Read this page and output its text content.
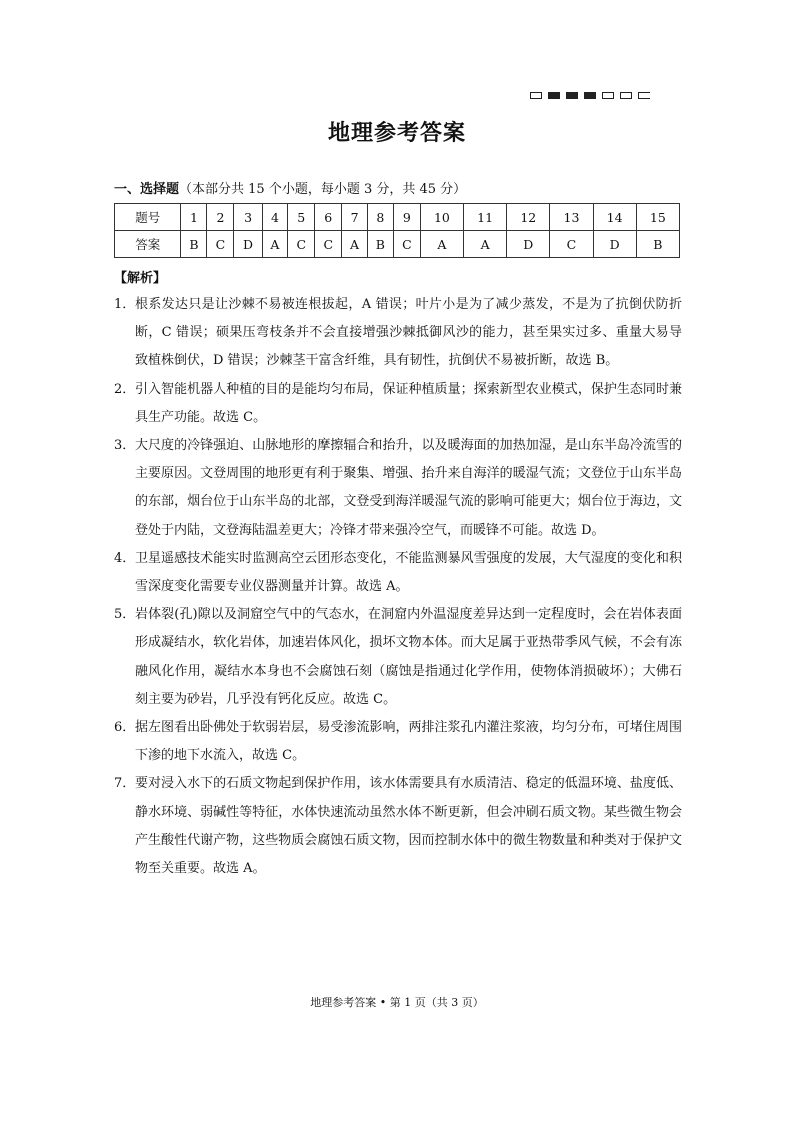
地理参考答案
一、选择题（本部分共 15 个小题，每小题 3 分，共 45 分）
题号	1	2	3	4	5	6	7	8	9	10	11	12	13	14	15
答案	B	C	D	A	C	C	A	B	C	A	A	D	C	D	B
【解析】
1． 根系发达只是让沙棘不易被连根拔起，A 错误；叶片小是为了减少蒸发，不是为了抗倒伏防折断，C 错误；硕果压弯枝条并不会直接增强沙棘抵御风沙的能力，甚至果实过多、重量大易导致植株倒伏，D 错误；沙棘茎干富含纤维，具有韧性，抗倒伏不易被折断，故选 B。
2． 引入智能机器人种植的目的是能均匀布局，保证种植质量；探索新型农业模式，保护生态同时兼具生产功能。故选 C。
3． 大尺度的冷锋强迫、山脉地形的摩擦辐合和抬升，以及暖海面的加热加湿，是山东半岛冷流雪的主要原因。文登周围的地形更有利于聚集、增强、抬升来自海洋的暖湿气流；文登位于山东半岛的东部，烟台位于山东半岛的北部，文登受到海洋暖湿气流的影响可能更大；烟台位于海边，文登处于内陆，文登海陆温差更大；冷锋才带来强冷空气，而暖锋不可能。故选 D。
4． 卫星遥感技术能实时监测高空云团形态变化，不能监测暴风雪强度的发展，大气湿度的变化和积雪深度变化需要专业仪器测量并计算。故选 A。
5． 岩体裂(孔)隙以及洞窟空气中的气态水，在洞窟内外温湿度差异达到一定程度时，会在岩体表面形成凝结水，软化岩体，加速岩体风化，损坏文物本体。而大足属于亚热带季风气候，不会有冻融风化作用，凝结水本身也不会腐蚀石刻（腐蚀是指通过化学作用，使物体消损破坏）；大佛石刻主要为砂岩，几乎没有钙化反应。故选 C。
6． 据左图看出卧佛处于软弱岩层，易受渗流影响，两排注浆孔内灌注浆液，均匀分布，可堵住周围下渗的地下水流入，故选 C。
7． 要对浸入水下的石质文物起到保护作用，该水体需要具有水质清洁、稳定的低温环境、盐度低、静水环境、弱碱性等特征，水体快速流动虽然水体不断更新，但会冲刷石质文物。某些微生物会产生酸性代谢产物，这些物质会腐蚀石质文物，因而控制水体中的微生物数量和种类对于保护文物至关重要。故选 A。
地理参考答案 • 第 1 页（共 3 页）
